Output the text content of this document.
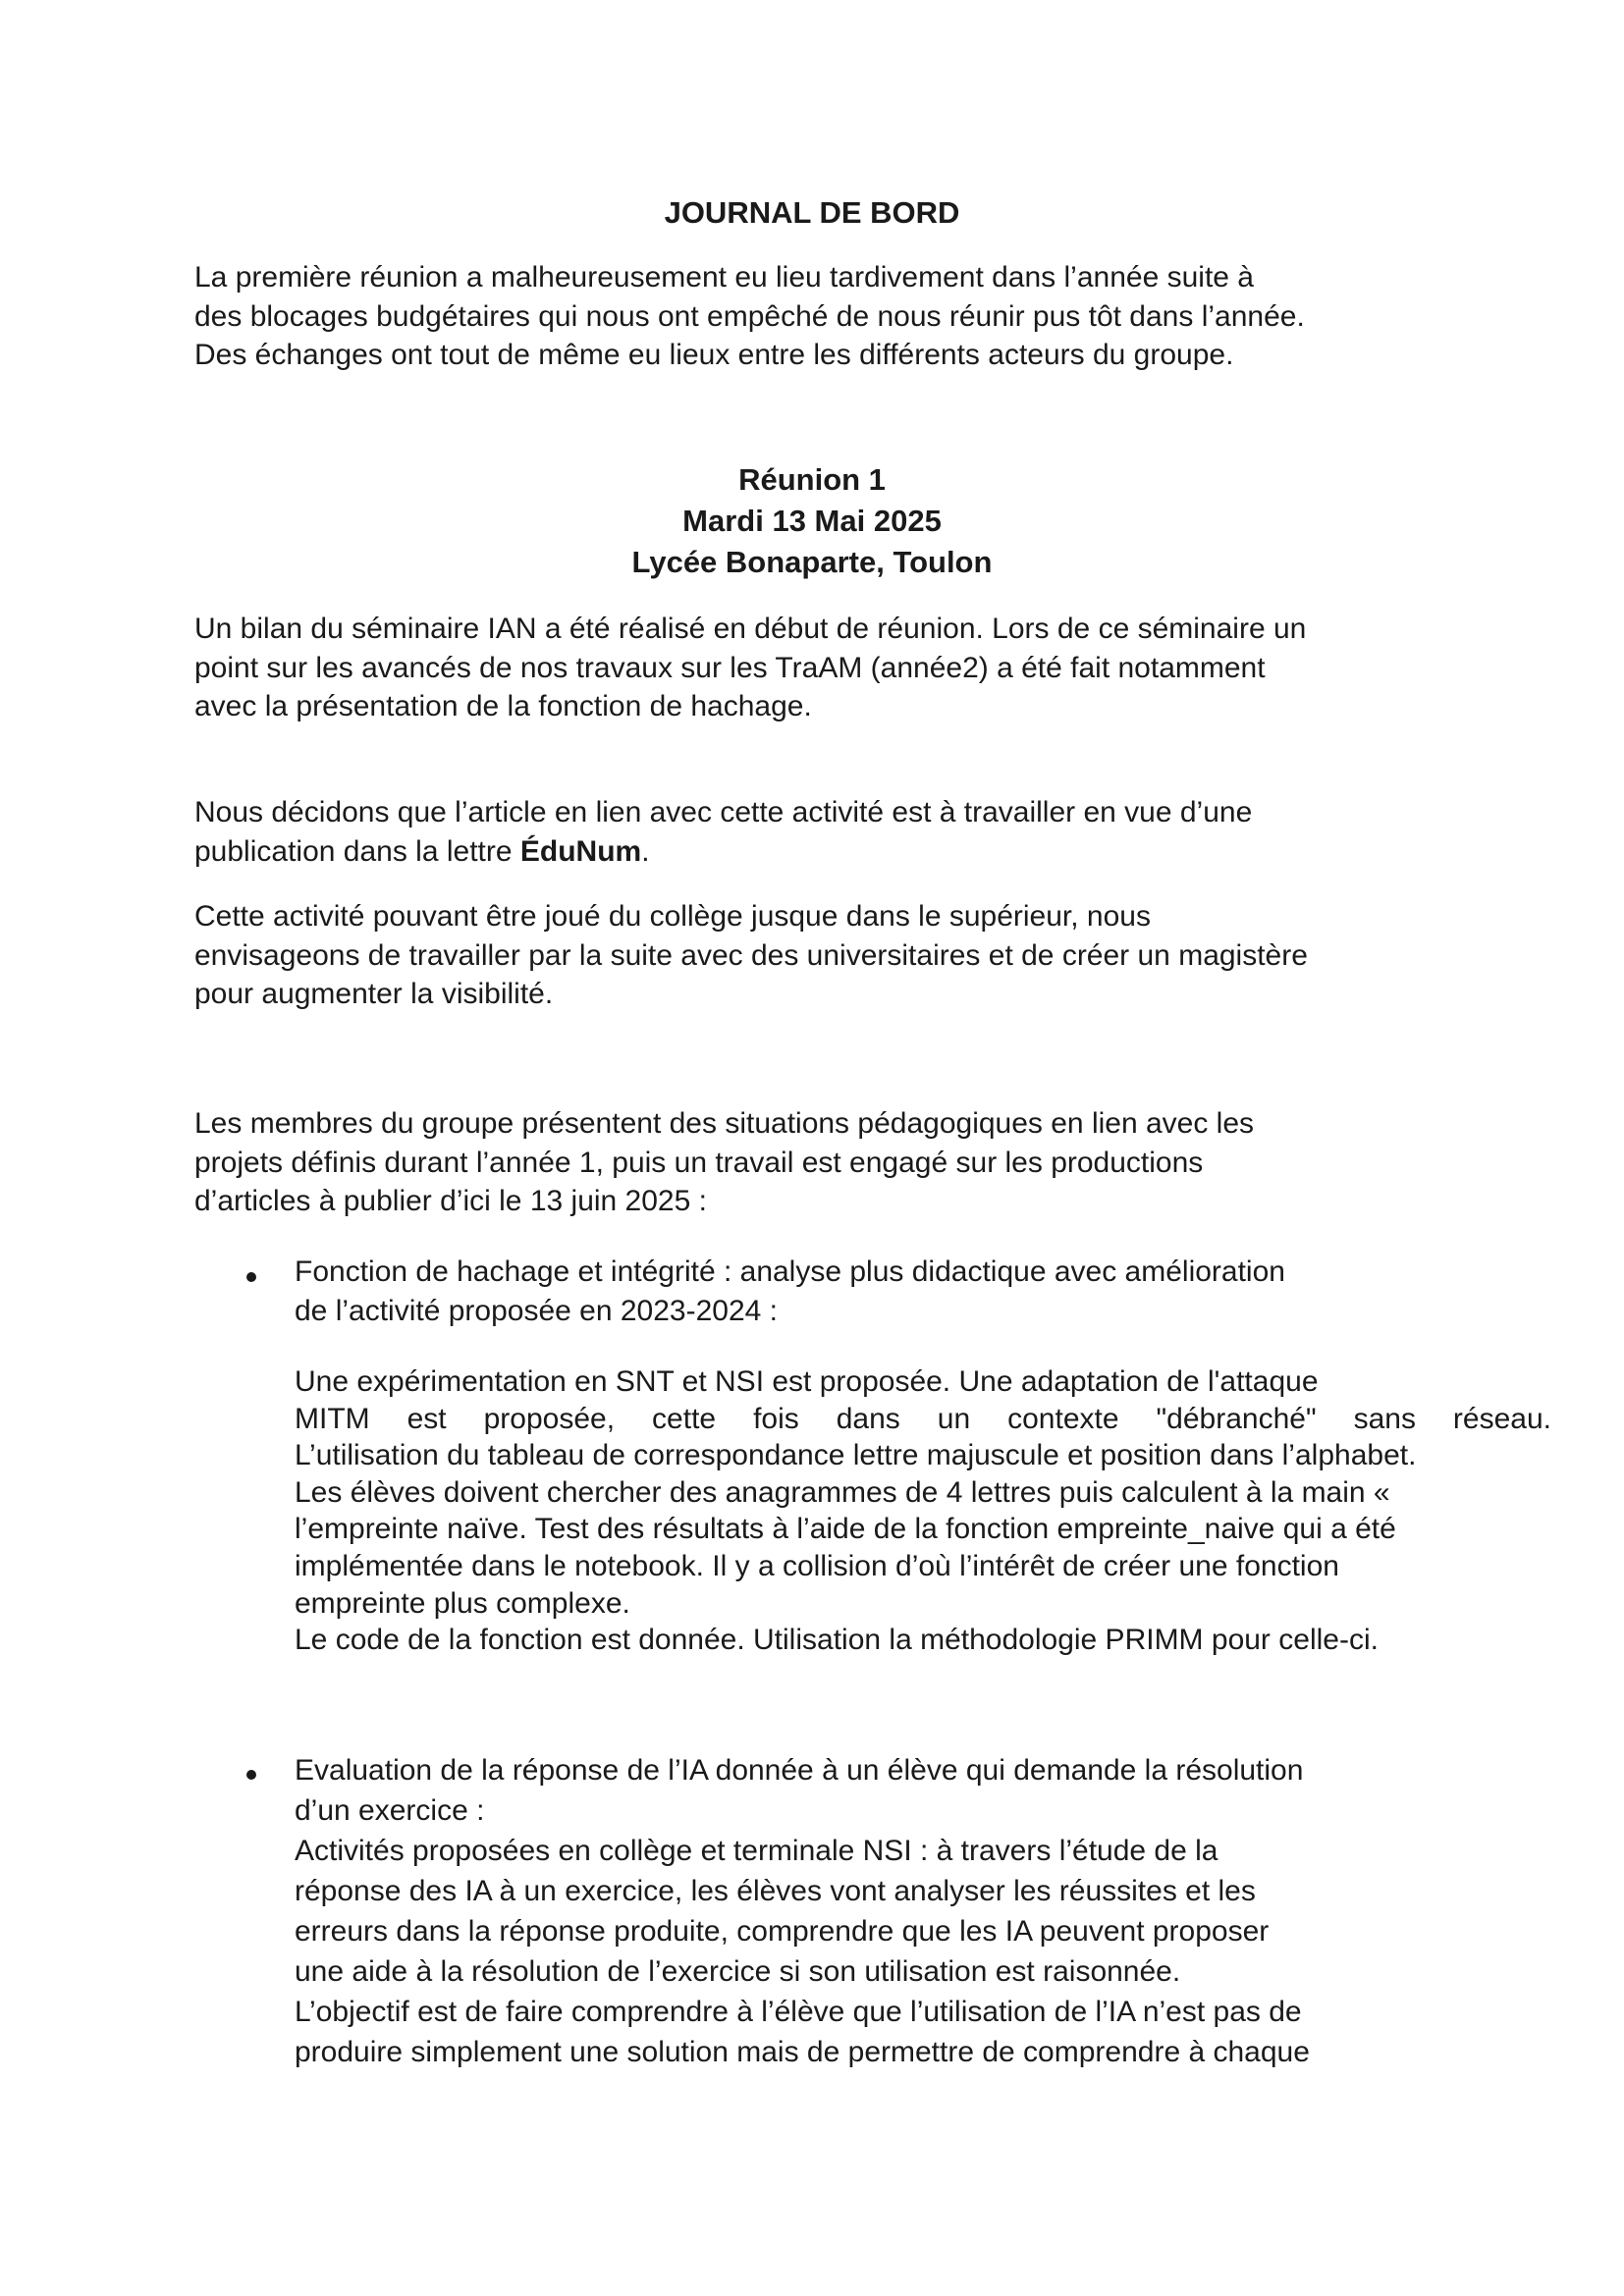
JOURNAL DE BORD
La première réunion a malheureusement eu lieu tardivement dans l’année suite à
des blocages budgétaires qui nous ont empêché de nous réunir pus tôt dans l’année.
Des échanges ont tout de même eu lieux entre les différents acteurs du groupe.
Réunion 1
Mardi 13 Mai 2025
Lycée Bonaparte, Toulon
Un bilan du séminaire IAN a été réalisé en début de réunion. Lors de ce séminaire un
point sur les avancés de nos travaux sur les TraAM (année2) a été fait notamment
avec la présentation de la fonction de hachage.
Nous décidons que l’article en lien avec cette activité est à travailler en vue d’une
publication dans la lettre ÉduNum.
Cette activité pouvant être joué du collège jusque dans le supérieur, nous
envisageons de travailler par la suite avec des universitaires et de créer un magistère
pour augmenter la visibilité.
Les membres du groupe présentent des situations pédagogiques en lien avec les
projets définis durant l’année 1, puis un travail est engagé sur les productions
d’articles à publier d’ici le 13 juin 2025 :
Fonction de hachage et intégrité : analyse plus didactique avec amélioration
de l’activité proposée en 2023-2024 :
Une expérimentation en SNT et NSI est proposée. Une adaptation de l'attaque
MITM est proposée, cette fois dans un contexte "débranché" sans réseau.
L’utilisation du tableau de correspondance lettre majuscule et position dans l’alphabet.
Les élèves doivent chercher des anagrammes de 4 lettres puis calculent à la main «
l’empreinte naïve. Test des résultats à l’aide de la fonction empreinte_naive qui a été
implémentée dans le notebook. Il y a collision d’où l’intérêt de créer une fonction
empreinte plus complexe.
Le code de la fonction est donnée. Utilisation la méthodologie PRIMM pour celle-ci.
Evaluation de la réponse de l’IA donnée à un élève qui demande la résolution
d’un exercice :
Activités proposées en collège et terminale NSI : à travers l’étude de la
réponse des IA à un exercice, les élèves vont analyser les réussites et les
erreurs dans la réponse produite, comprendre que les IA peuvent proposer
une aide à la résolution de l’exercice si son utilisation est raisonnée.
L’objectif est de faire comprendre à l’élève que l’utilisation de l’IA n’est pas de
produire simplement une solution mais de permettre de comprendre à chaque
